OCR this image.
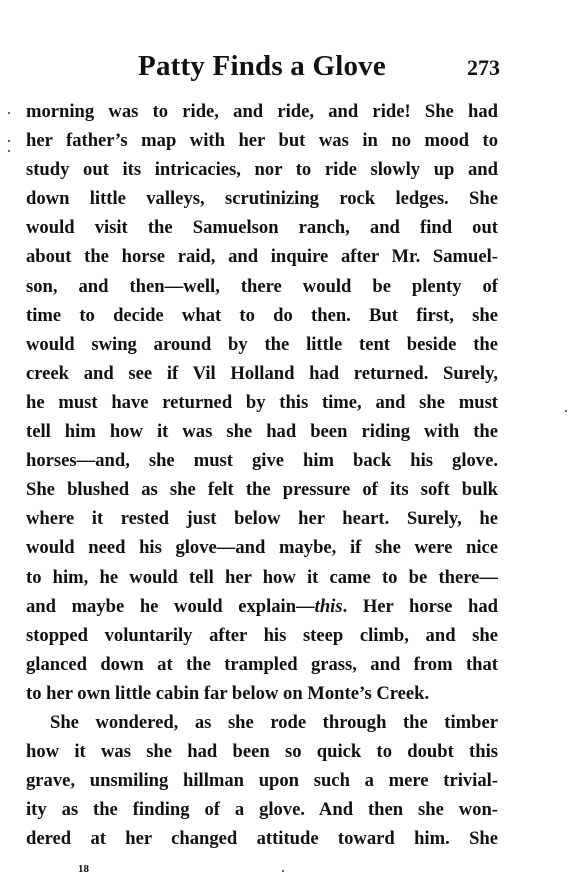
Patty Finds a Glove	273
morning was to ride, and ride, and ride! She had
her father’s map with her but was in no mood to
study out its intricacies, nor to ride slowly up and
down little valleys, scrutinizing rock ledges. She
would visit the Samuelson ranch, and find out
about the horse raid, and inquire after Mr. Samuel-
son, and then—well, there would be plenty of
time to decide what to do then. But first, she
would swing around by the little tent beside the
creek and see if Vil Holland had returned. Surely,
he must have returned by this time, and she must
tell him how it was she had been riding with the
horses—and, she must give him back his glove.
She blushed as she felt the pressure of its soft bulk
where it rested just below her heart. Surely, he
would need his glove—and maybe, if she were nice
to him, he would tell her how it came to be there—
and maybe he would explain—this. Her horse had
stopped voluntarily after his steep climb, and she
glanced down at the trampled grass, and from that
to her own little cabin far below on Monte’s Creek.
She wondered, as she rode through the timber
how it was she had been so quick to doubt this
grave, unsmiling hillman upon such a mere trivial-
ity as the finding of a glove. And then she won-
dered at her changed attitude toward him. She
18
